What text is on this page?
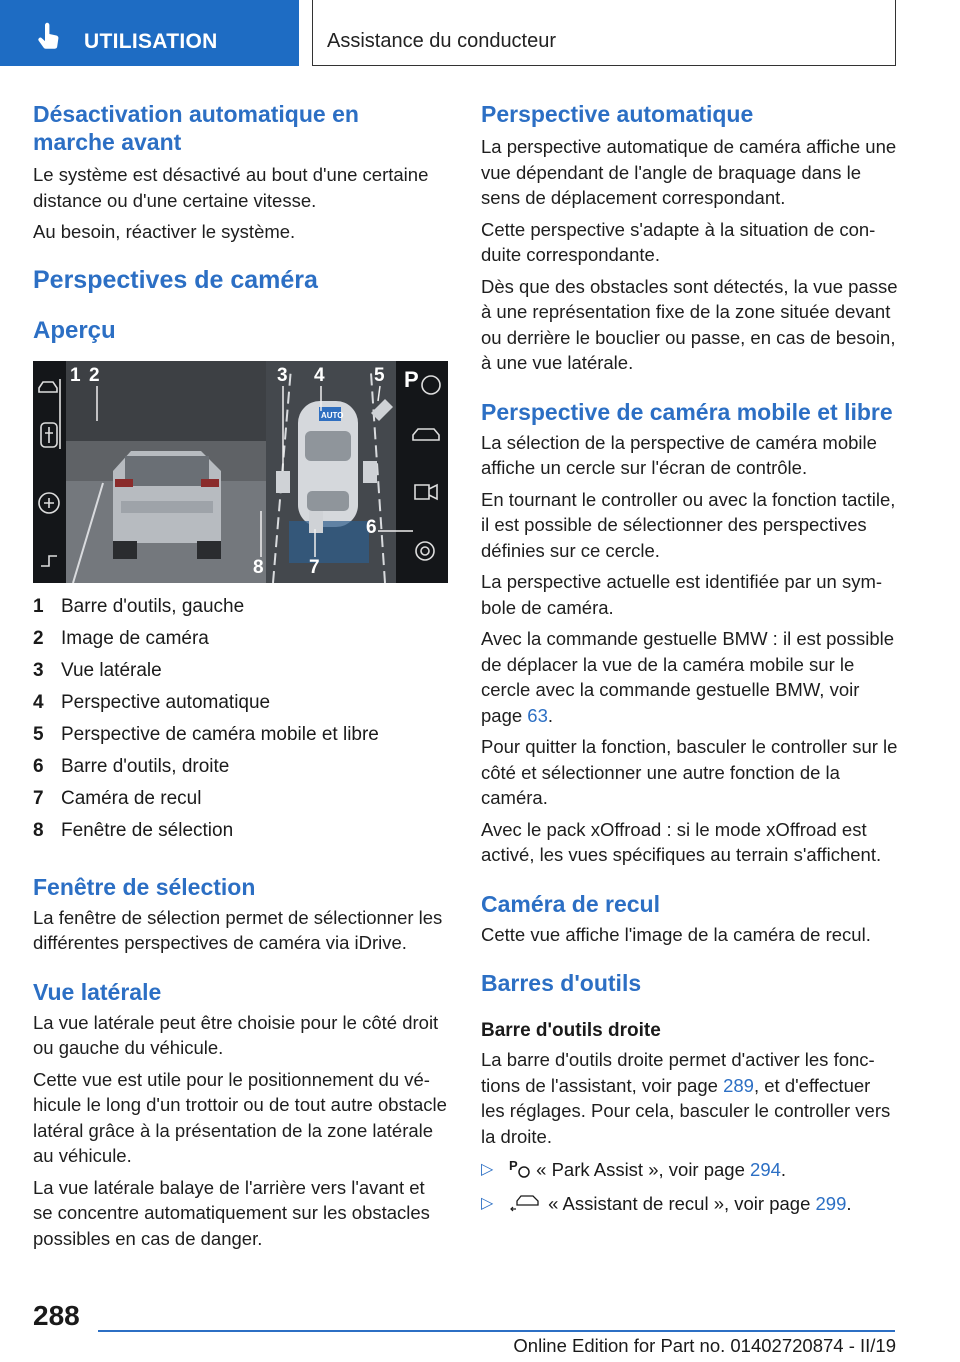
UTILISATION	Assistance du conducteur
Désactivation automatique en marche avant
Le système est désactivé au bout d'une certaine distance ou d'une certaine vitesse.
Au besoin, réactiver le système.
Perspectives de caméra
Aperçu
AUTO
P
1 2	3 4	5
6
7
8
1 Barre d'outils, gauche
2 Image de caméra
3 Vue latérale
4 Perspective automatique
5 Perspective de caméra mobile et libre
6 Barre d'outils, droite
7 Caméra de recul
8 Fenêtre de sélection
Fenêtre de sélection
La fenêtre de sélection permet de sélectionner les différentes perspectives de caméra via iDrive.
Vue latérale
La vue latérale peut être choisie pour le côté droit ou gauche du véhicule.
Cette vue est utile pour le positionnement du véhicule le long d'un trottoir ou de tout autre obstacle latéral grâce à la présentation de la zone latérale au véhicule.
La vue latérale balaye de l'arrière vers l'avant et se concentre automatiquement sur les obstacles possibles en cas de danger.
Perspective automatique
La perspective automatique de caméra affiche une vue dépendant de l'angle de braquage dans le sens de déplacement correspondant.
Cette perspective s'adapte à la situation de conduite correspondante.
Dès que des obstacles sont détectés, la vue passe à une représentation fixe de la zone située devant ou derrière le bouclier ou passe, en cas de besoin, à une vue latérale.
Perspective de caméra mobile et libre
La sélection de la perspective de caméra mobile affiche un cercle sur l'écran de contrôle.
En tournant le controller ou avec la fonction tactile, il est possible de sélectionner des perspectives définies sur ce cercle.
La perspective actuelle est identifiée par un symbole de caméra.
Avec la commande gestuelle BMW : il est possible de déplacer la vue de la caméra mobile sur le cercle avec la commande gestuelle BMW, voir page 63.
Pour quitter la fonction, basculer le controller sur le côté et sélectionner une autre fonction de la caméra.
Avec le pack xOffroad : si le mode xOffroad est activé, les vues spécifiques au terrain s'affichent.
Caméra de recul
Cette vue affiche l'image de la caméra de recul.
Barres d'outils
Barre d'outils droite
La barre d'outils droite permet d'activer les fonctions de l'assistant, voir page 289, et d'effectuer les réglages. Pour cela, basculer le controller vers la droite.
▷ P « Park Assist », voir page 294.
▷	« Assistant de recul », voir page 299.
288
Online Edition for Part no. 01402720874 - II/19
